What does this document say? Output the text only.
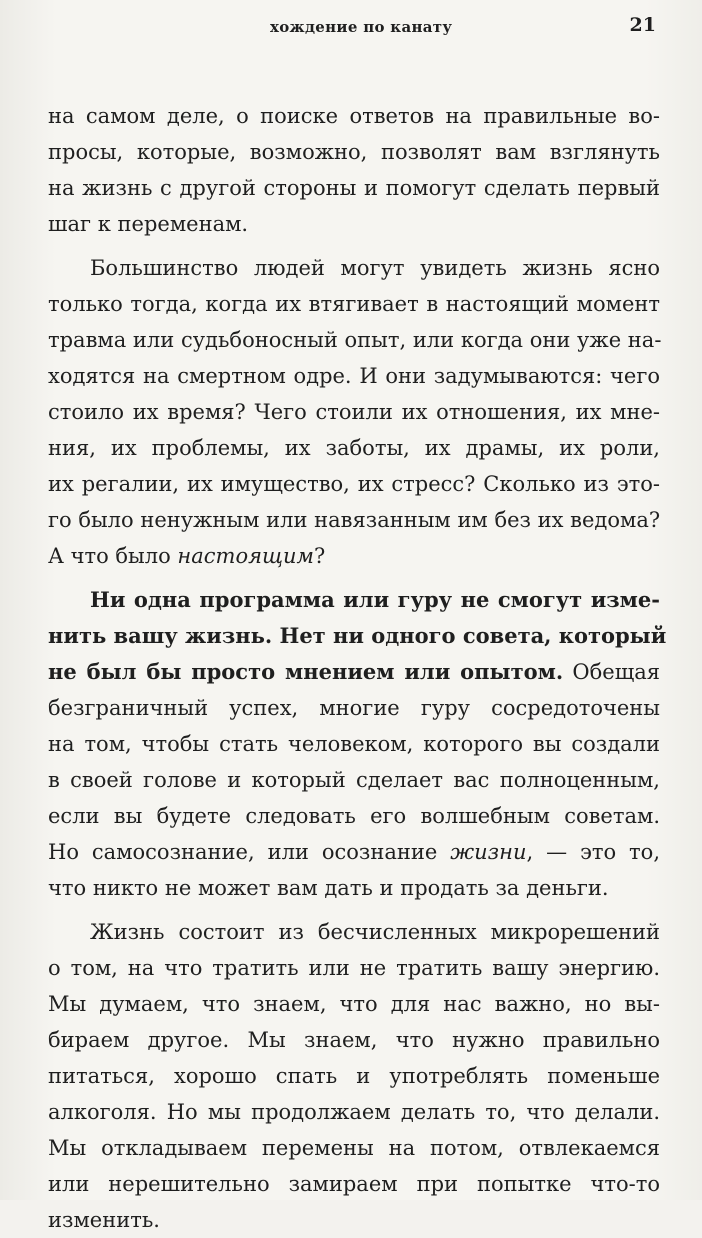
хождение по канату	21
на самом деле, о поиске ответов на правильные во-
просы, которые, возможно, позволят вам взглянуть
на жизнь с другой стороны и помогут сделать первый
шаг к переменам.
Большинство людей могут увидеть жизнь ясно
только тогда, когда их втягивает в настоящий момент
травма или судьбоносный опыт, или когда они уже на-
ходятся на смертном одре. И они задумываются: чего
стоило их время? Чего стоили их отношения, их мне-
ния, их проблемы, их заботы, их драмы, их роли,
их регалии, их имущество, их стресс? Сколько из это-
го было ненужным или навязанным им без их ведома?
А что было настоящим?
Ни одна программа или гуру не смогут изме-
нить вашу жизнь. Нет ни одного совета, который
не был бы просто мнением или опытом. Обещая
безграничный успех, многие гуру сосредоточены
на том, чтобы стать человеком, которого вы создали
в своей голове и который сделает вас полноценным,
если вы будете следовать его волшебным советам.
Но самосознание, или осознание жизни, — это то,
что никто не может вам дать и продать за деньги.
Жизнь состоит из бесчисленных микрорешений
о том, на что тратить или не тратить вашу энергию.
Мы думаем, что знаем, что для нас важно, но вы-
бираем другое. Мы знаем, что нужно правильно
питаться, хорошо спать и употреблять поменьше
алкоголя. Но мы продолжаем делать то, что делали.
Мы откладываем перемены на потом, отвлекаемся
или нерешительно замираем при попытке что-то
изменить.
